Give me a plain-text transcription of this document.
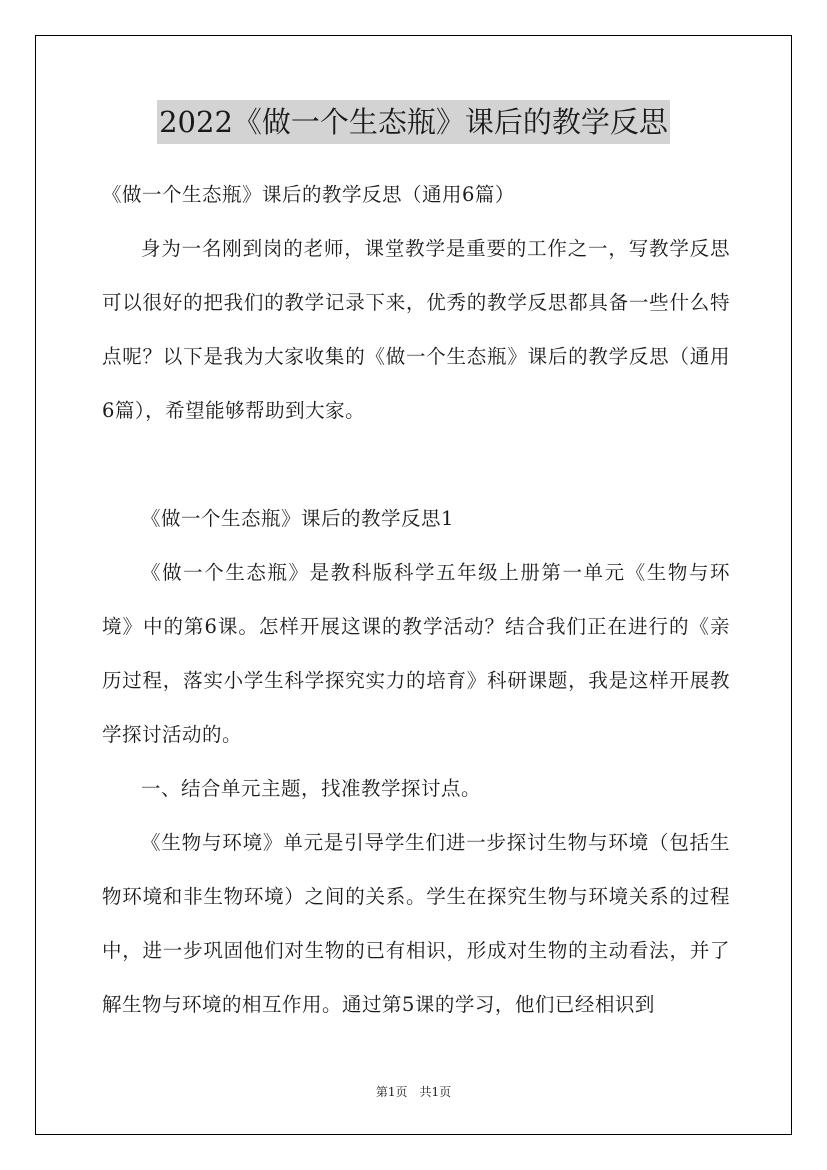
2022《做一个生态瓶》课后的教学反思

《做一个生态瓶》课后的教学反思（通用6篇）

身为一名刚到岗的老师，课堂教学是重要的工作之一，写教学反思可以很好的把我们的教学记录下来，优秀的教学反思都具备一些什么特点呢？以下是我为大家收集的《做一个生态瓶》课后的教学反思（通用6篇），希望能够帮助到大家。

《做一个生态瓶》课后的教学反思1

《做一个生态瓶》是教科版科学五年级上册第一单元《生物与环境》中的第6课。怎样开展这课的教学活动？结合我们正在进行的《亲历过程，落实小学生科学探究实力的培育》科研课题，我是这样开展教学探讨活动的。

一、结合单元主题，找准教学探讨点。

《生物与环境》单元是引导学生们进一步探讨生物与环境（包括生物环境和非生物环境）之间的关系。学生在探究生物与环境关系的过程中，进一步巩固他们对生物的已有相识，形成对生物的主动看法，并了解生物与环境的相互作用。通过第5课的学习，他们已经相识到

第1页　共1页
